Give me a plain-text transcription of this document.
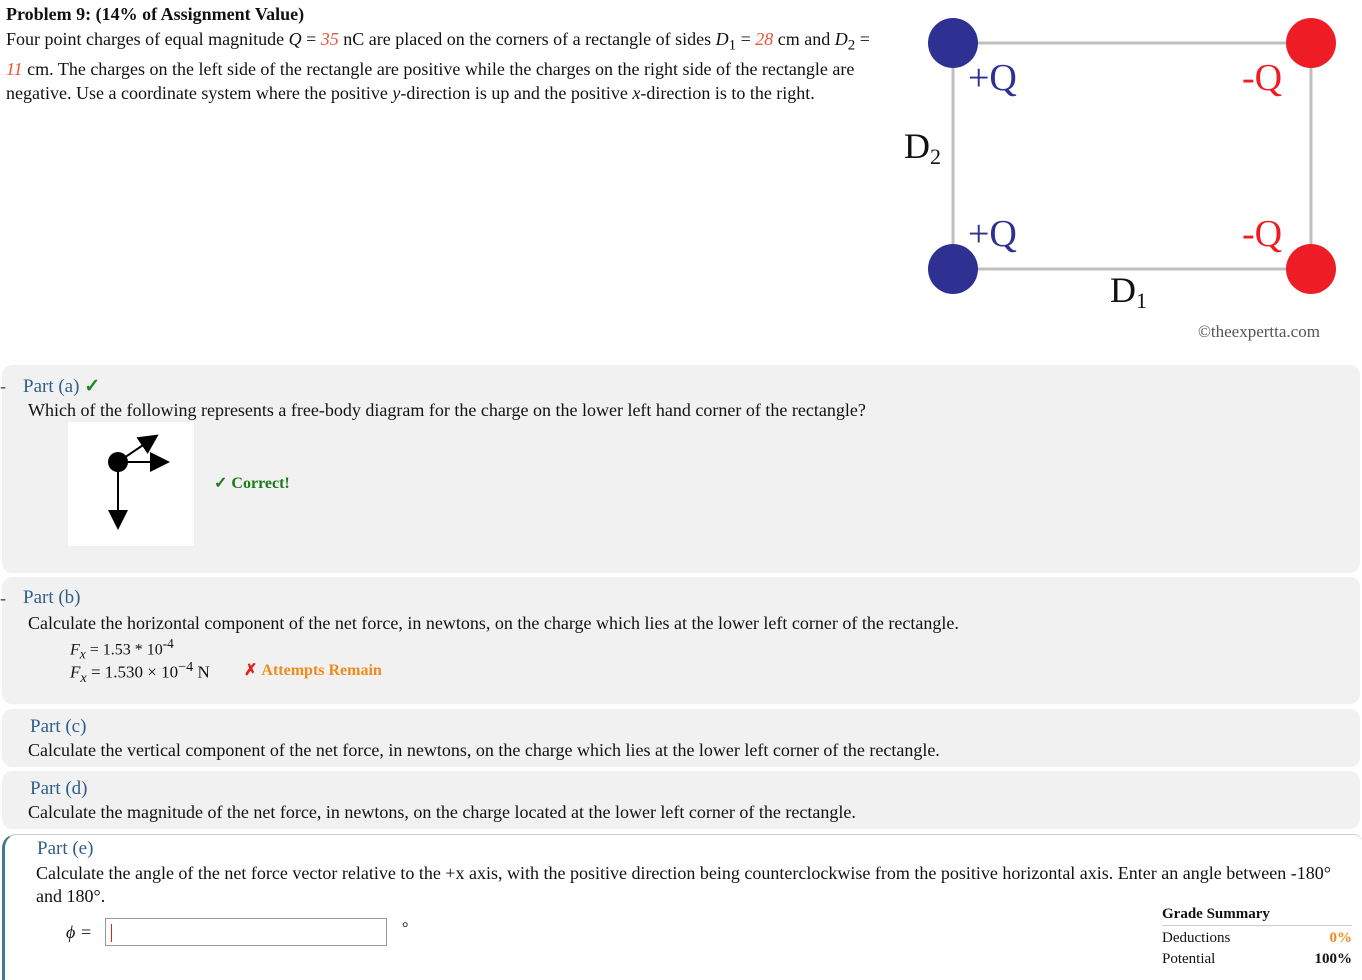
Problem 9: (14% of Assignment Value)
Four point charges of equal magnitude Q = 35 nC are placed on the corners of a rectangle of sides $D_1 = 28$ cm and $D_2 = 11$ cm. The charges on the left side of the rectangle are positive while the charges on the right side of the rectangle are negative. Use a coordinate system where the positive y-direction is up and the positive x-direction is to the right.	+Q	-Q
+Q	-Q
D2
D1
©theexpertta.com
- Part (a) ✓
Which of the following represents a free-body diagram for the charge on the lower left hand corner of the rectangle?
✓ Correct!
- Part (b)
Calculate the horizontal component of the net force, in newtons, on the charge which lies at the lower left corner of the rectangle.
$F_x = 1.53 * 10^{-4}$
$F_x = 1.530 \times 10^{-4}$ N ✗ Attempts Remain
Part (c)
Calculate the vertical component of the net force, in newtons, on the charge which lies at the lower left corner of the rectangle.
Part (d)
Calculate the magnitude of the net force, in newtons, on the charge located at the lower left corner of the rectangle.
Part (e)
Calculate the angle of the net force vector relative to the +x axis, with the positive direction being counterclockwise from the positive horizontal axis. Enter an angle between -180° and 180°.
ϕ =	°
Grade Summary
Deductions	0%
Potential	100%
